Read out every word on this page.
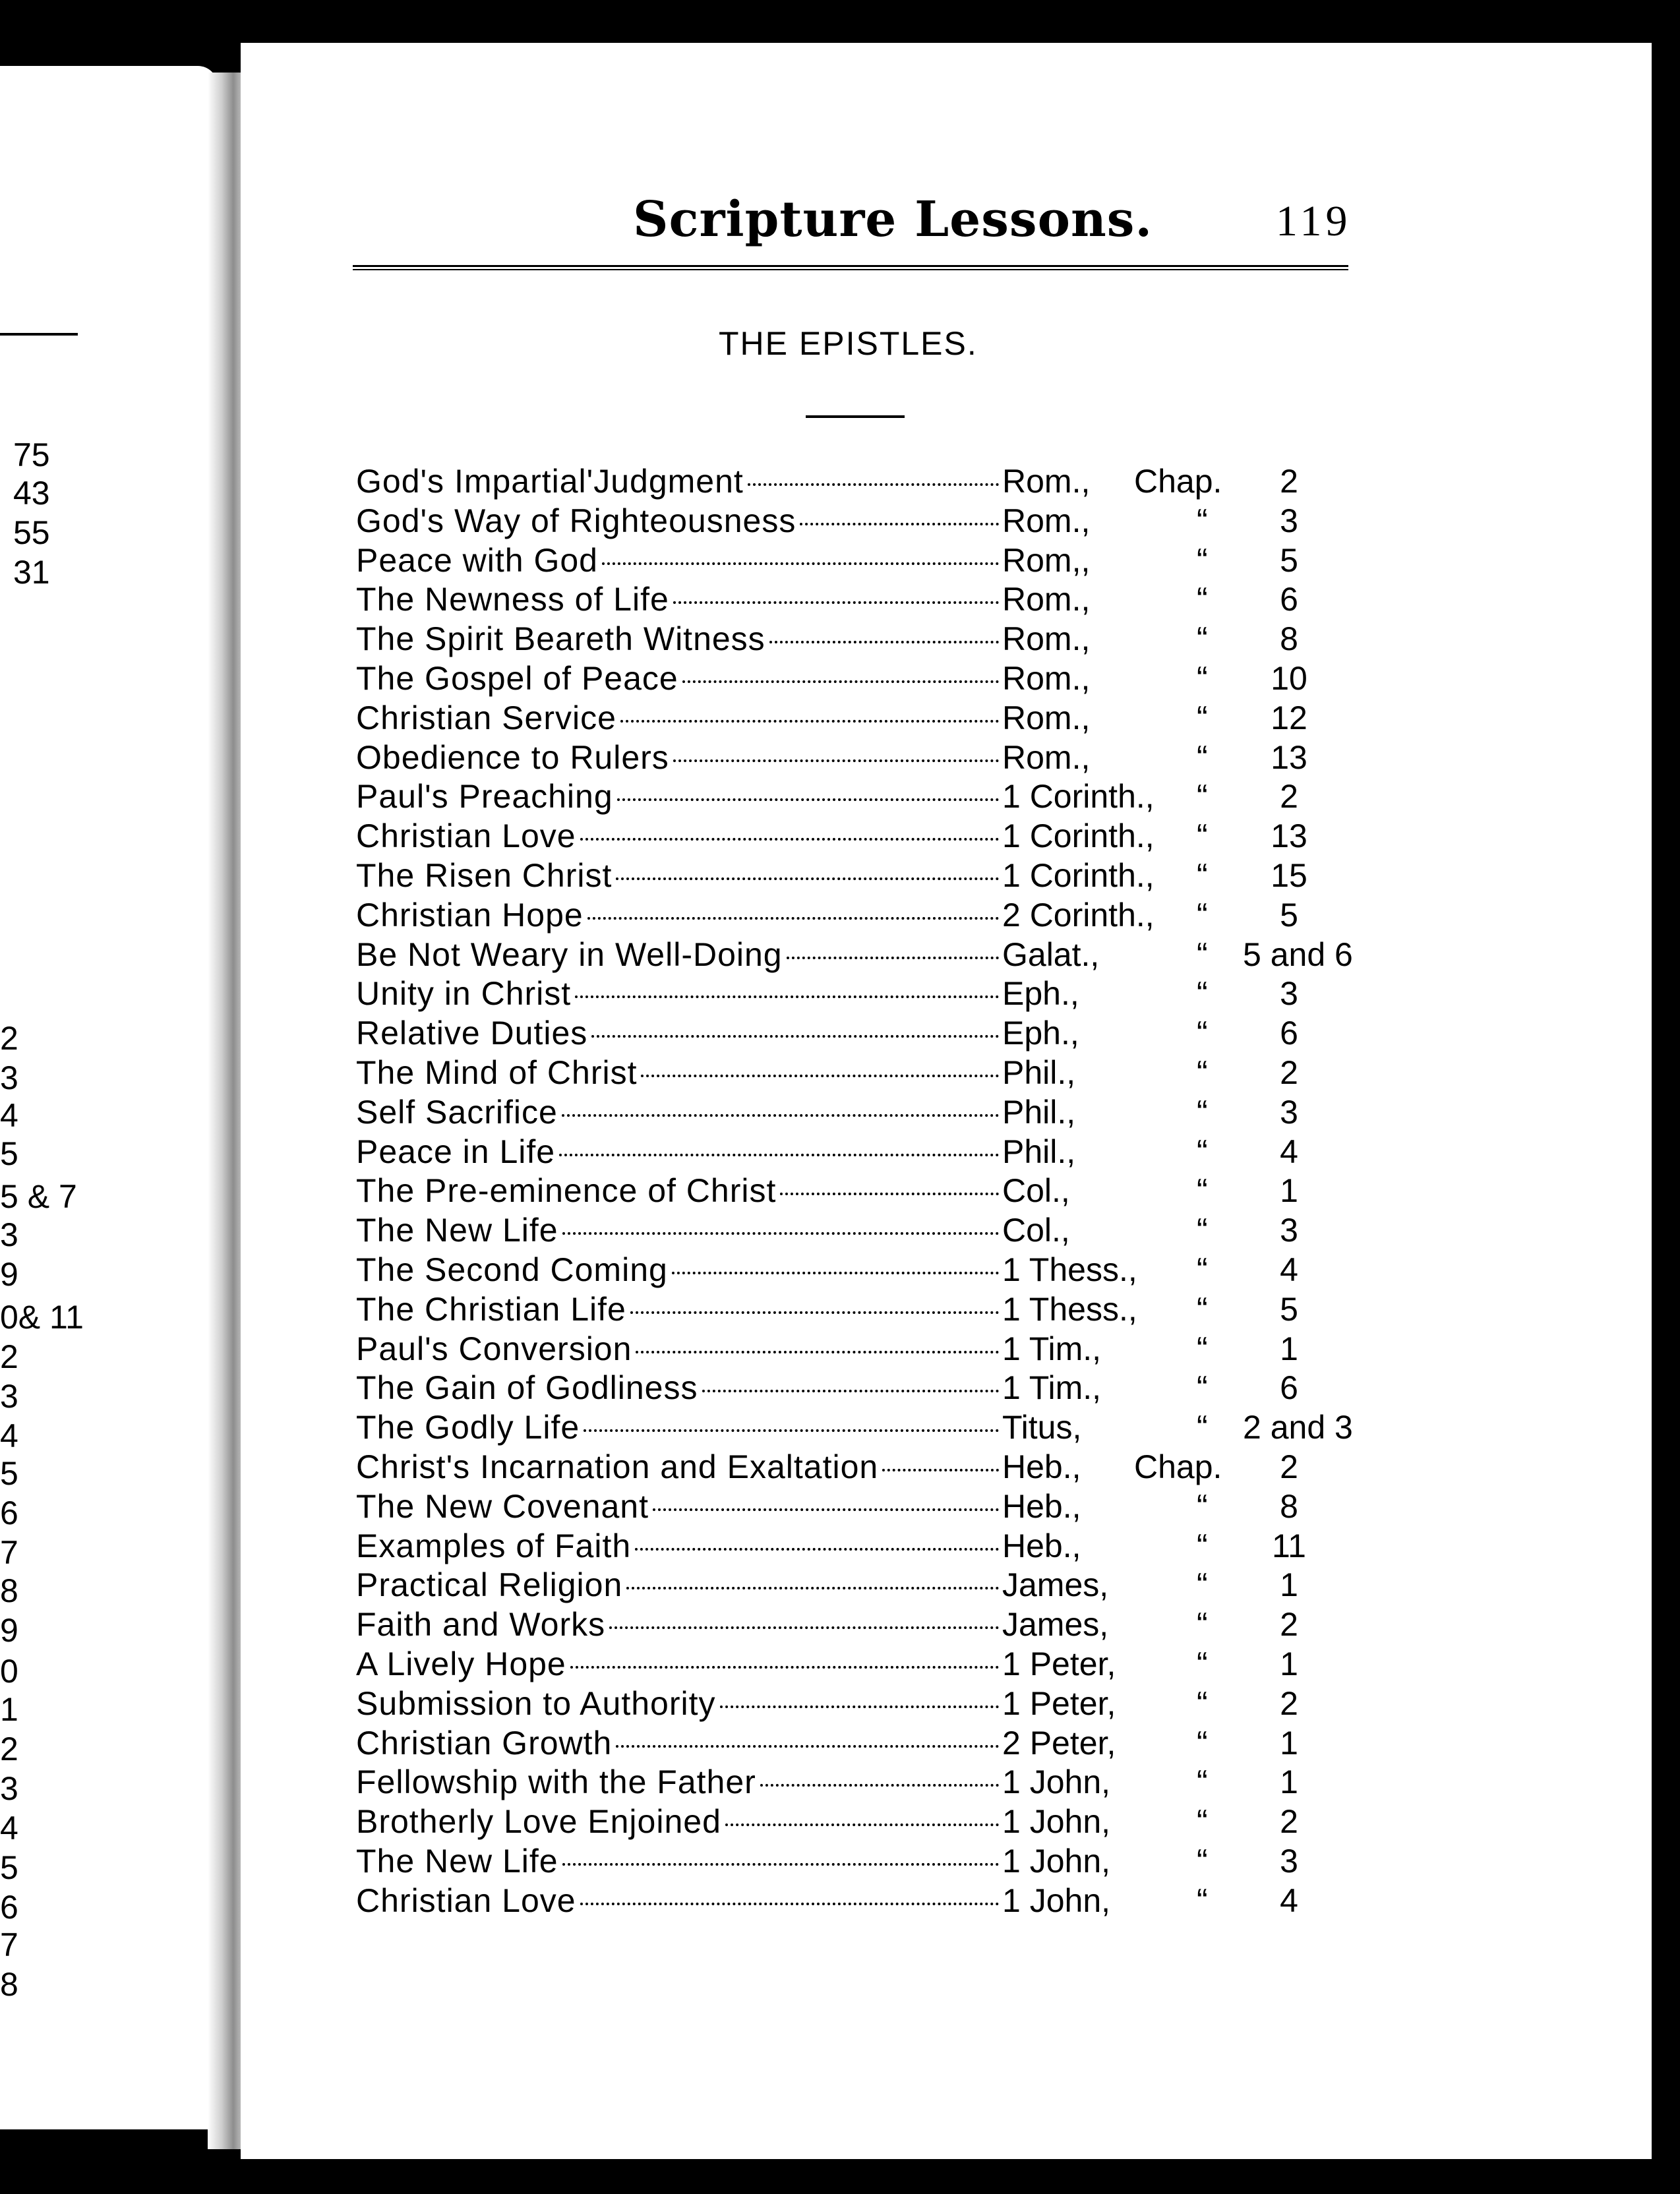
75
43
55
31
2
3
4
5
5 & 7
3
9
0& 11
2
3
4
5
6
7
8
9
0
1
2
3
4
5
6
7
8
Scripture Lessons.	119
THE EPISTLES.
God's Impartial'Judgment	Rom., Chap.	2
God's Way of Righteousness	Rom.,	“	3
Peace with God	Rom,,	“	5
The Newness of Life	Rom.,	“	6
The Spirit Beareth Witness	Rom.,	“	8
The Gospel of Peace	Rom.,	“ 10
Christian Service	Rom.,	“ 12
Obedience to Rulers	Rom.,	“ 13
Paul's Preaching	1 Corinth., “	2
Christian Love	1 Corinth., “ 13
The Risen Christ	1 Corinth., “ 15
Christian Hope	2 Corinth., “	5
Be Not Weary in Well-Doing	Galat.,	“ 5 and 6
Unity in Christ	Eph.,	“	3
Relative Duties	Eph.,	“	6
The Mind of Christ	Phil.,	“	2
Self Sacrifice	Phil.,	“	3
Peace in Life	Phil.,	“	4
The Pre-eminence of Christ	Col.,	“	1
The New Life	Col.,	“	3
The Second Coming	1 Thess., “	4
The Christian Life	1 Thess., “	5
Paul's Conversion	1 Tim.,	“	1
The Gain of Godliness	1 Tim.,	“	6
The Godly Life	Titus,	“ 2 and 3
Christ's Incarnation and Exaltation	Heb., Chap.	2
The New Covenant	Heb.,	“	8
Examples of Faith	Heb.,	“ 11
Practical Religion	James,	“	1
Faith and Works	James,	“	2
A Lively Hope	1 Peter, “	1
Submission to Authority	1 Peter, “	2
Christian Growth	2 Peter, “	1
Fellowship with the Father	1 John,	“	1
Brotherly Love Enjoined	1 John,	“	2
The New Life	1 John,	“	3
Christian Love	1 John,	“	4
